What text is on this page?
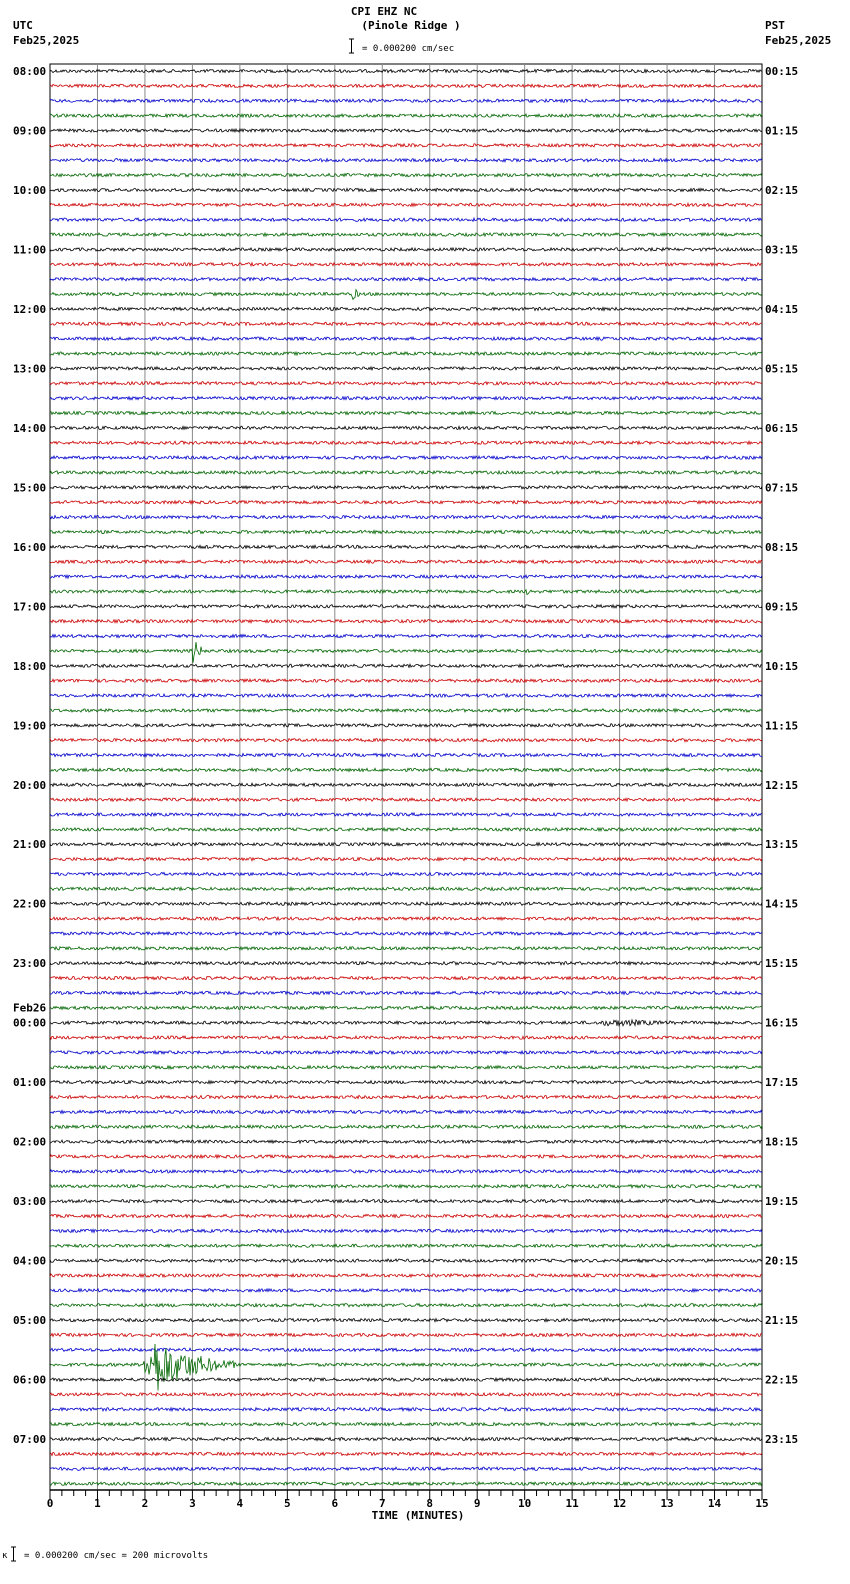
CPI EHZ NC
(Pinole Ridge )
UTC
Feb25,2025
PST
Feb25,2025
= 0.000200 cm/sec
08:00	00:15
09:00	01:15
10:00	02:15
11:00	03:15
12:00	04:15
13:00	05:15
14:00	06:15
15:00	07:15
16:00	08:15
17:00	09:15
18:00	10:15
19:00	11:15
20:00	12:15
21:00	13:15
22:00	14:15
23:00	15:15
00:00	16:15
Feb26
01:00	17:15
02:00	18:15
03:00	19:15
04:00	20:15
05:00	21:15
06:00	22:15
07:00	23:15
0	1	2	3	4	5	6	7	8	9	10	11	12	13	14	15
TIME (MINUTES)
ĸ = 0.000200 cm/sec = 200 microvolts
